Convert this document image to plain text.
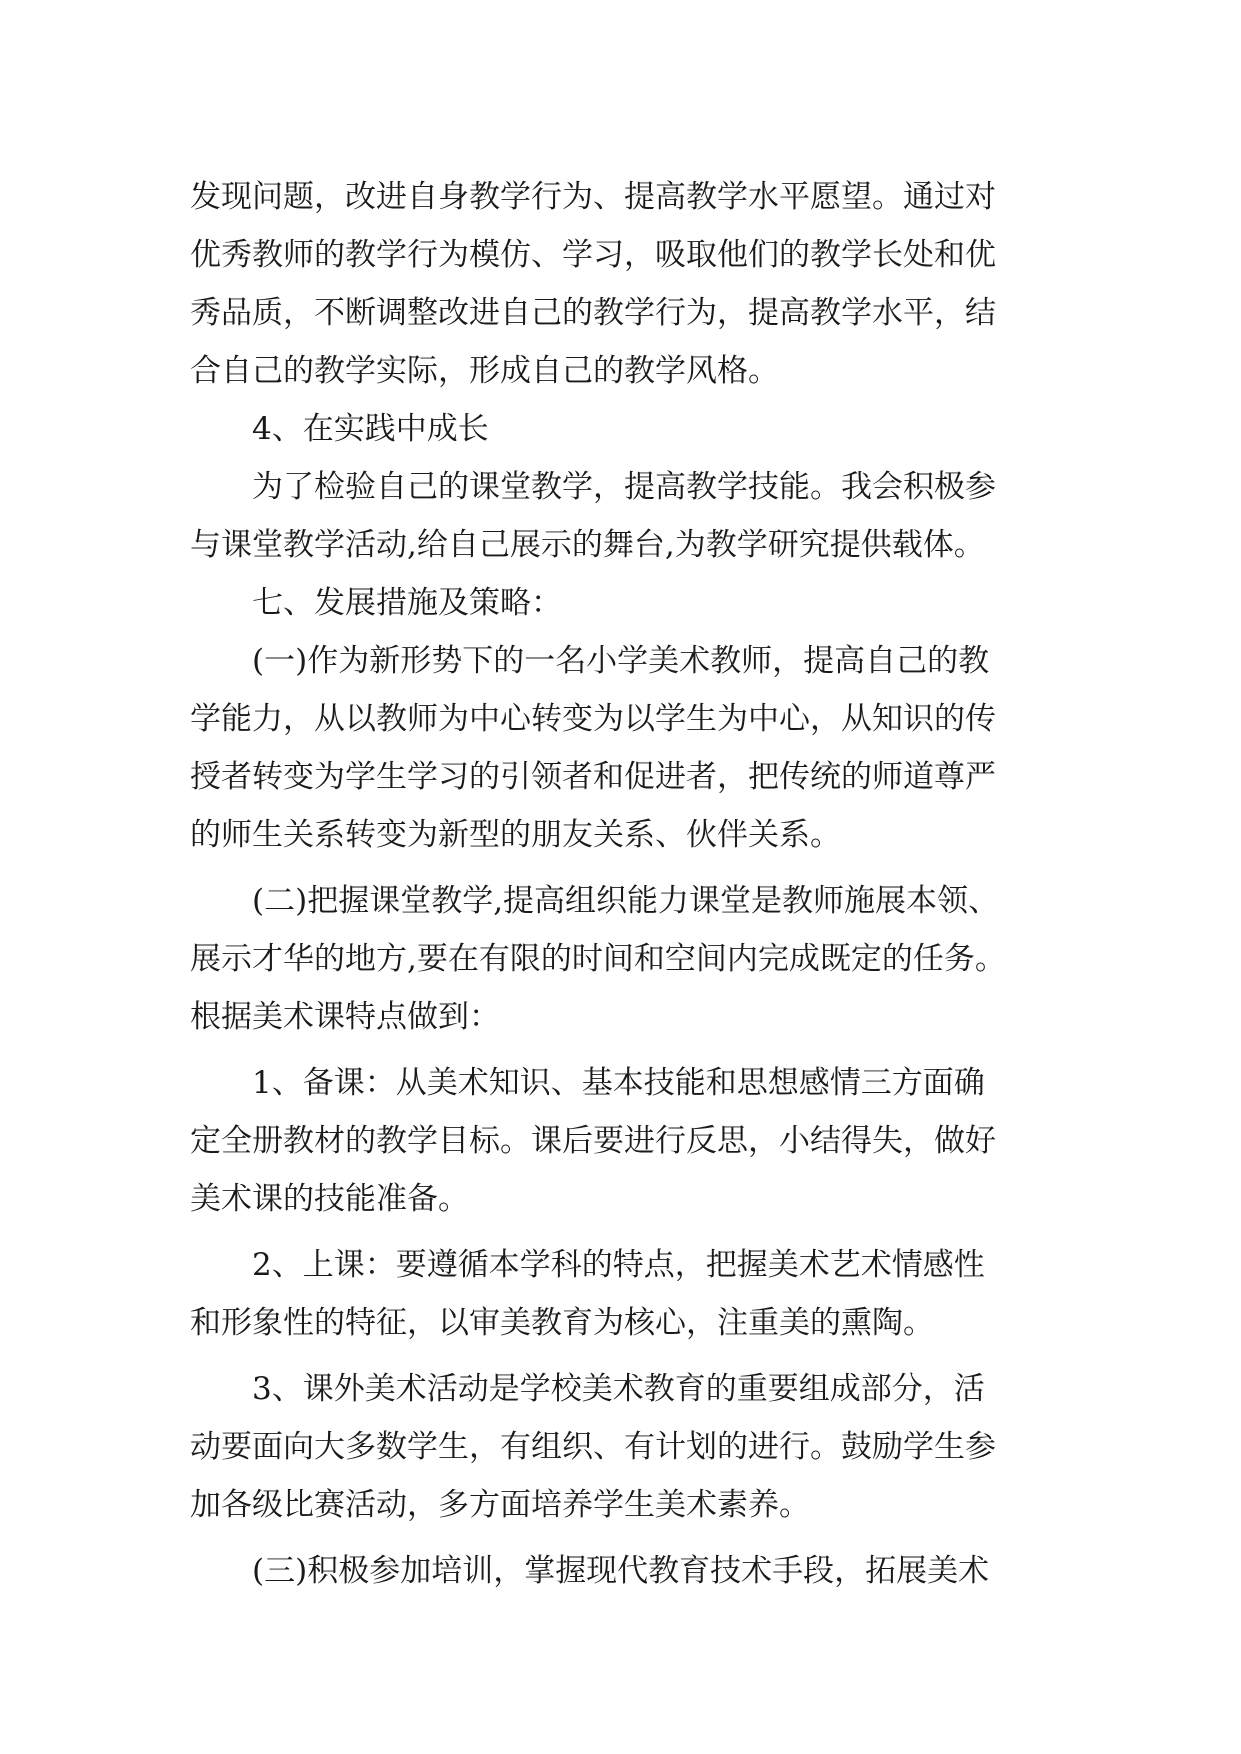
发现问题，改进自身教学行为、提高教学水平愿望。通过对
优秀教师的教学行为模仿、学习，吸取他们的教学长处和优
秀品质，不断调整改进自己的教学行为，提高教学水平，结
合自己的教学实际，形成自己的教学风格。
4、在实践中成长
为了检验自己的课堂教学，提高教学技能。我会积极参
与课堂教学活动,给自己展示的舞台,为教学研究提供载体。
七、发展措施及策略：
(一)作为新形势下的一名小学美术教师，提高自己的教
学能力，从以教师为中心转变为以学生为中心，从知识的传
授者转变为学生学习的引领者和促进者，把传统的师道尊严
的师生关系转变为新型的朋友关系、伙伴关系。
(二)把握课堂教学,提高组织能力课堂是教师施展本领、
展示才华的地方,要在有限的时间和空间内完成既定的任务。
根据美术课特点做到：
1、备课：从美术知识、基本技能和思想感情三方面确
定全册教材的教学目标。课后要进行反思，小结得失，做好
美术课的技能准备。
2、上课：要遵循本学科的特点，把握美术艺术情感性
和形象性的特征，以审美教育为核心，注重美的熏陶。
3、课外美术活动是学校美术教育的重要组成部分，活
动要面向大多数学生，有组织、有计划的进行。鼓励学生参
加各级比赛活动，多方面培养学生美术素养。
(三)积极参加培训，掌握现代教育技术手段，拓展美术
